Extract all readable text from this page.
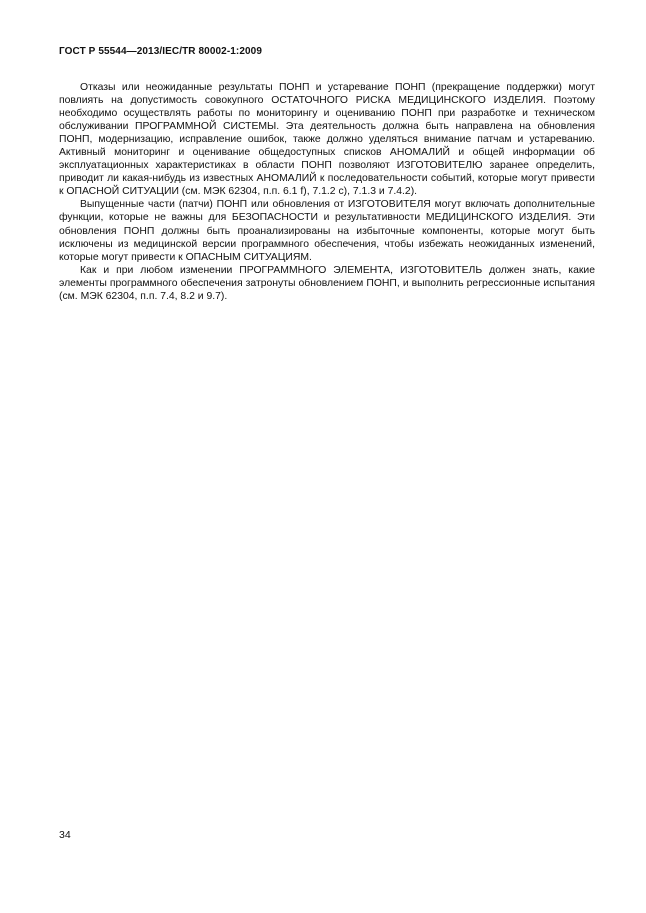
ГОСТ Р 55544—2013/IEC/TR 80002-1:2009

Отказы или неожиданные результаты ПОНП и устаревание ПОНП (прекращение поддержки) могут повлиять на допустимость совокупного ОСТАТОЧНОГО РИСКА МЕДИЦИНСКОГО ИЗДЕЛИЯ. Поэтому необходимо осуществлять работы по мониторингу и оцениванию ПОНП при разработке и техническом обслуживании ПРОГРАММНОЙ СИСТЕМЫ. Эта деятельность должна быть направлена на обновления ПОНП, модернизацию, исправление ошибок, также должно уделяться внимание патчам и устареванию. Активный мониторинг и оценивание общедоступных списков АНОМАЛИЙ и общей информации об эксплуатационных характеристиках в области ПОНП позволяют ИЗГОТОВИТЕЛЮ заранее определить, приводит ли какая-нибудь из известных АНОМАЛИЙ к последовательности событий, которые могут привести к ОПАСНОЙ СИТУАЦИИ (см. МЭК 62304, п.п. 6.1 f), 7.1.2 c), 7.1.3 и 7.4.2).

Выпущенные части (патчи) ПОНП или обновления от ИЗГОТОВИТЕЛЯ могут включать дополнительные функции, которые не важны для БЕЗОПАСНОСТИ и результативности МЕДИЦИНСКОГО ИЗДЕЛИЯ. Эти обновления ПОНП должны быть проанализированы на избыточные компоненты, которые могут быть исключены из медицинской версии программного обеспечения, чтобы избежать неожиданных изменений, которые могут привести к ОПАСНЫМ СИТУАЦИЯМ.

Как и при любом изменении ПРОГРАММНОГО ЭЛЕМЕНТА, ИЗГОТОВИТЕЛЬ должен знать, какие элементы программного обеспечения затронуты обновлением ПОНП, и выполнить регрессионные испытания (см. МЭК 62304, п.п. 7.4, 8.2 и 9.7).

34
